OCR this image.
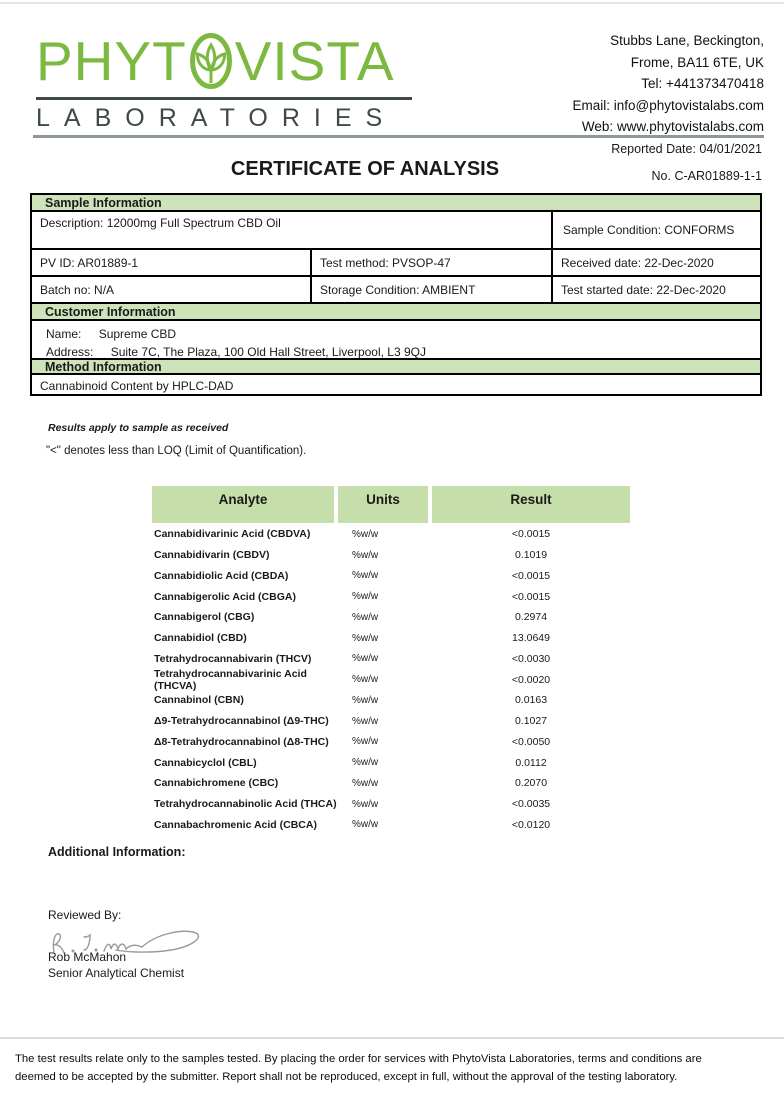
PHYT VISTA
LABORATORIES
Stubbs Lane, Beckington,
Frome, BA11 6TE, UK
Tel: +441373470418
Email: info@phytovistalabs.com
Web: www.phytovistalabs.com
Reported Date: 04/01/2021
CERTIFICATE OF ANALYSIS	No. C-AR01889-1-1
Sample Information
Description: 12000mg Full Spectrum CBD Oil	Sample Condition: CONFORMS
PV ID: AR01889-1	Test method: PVSOP-47	Received date: 22-Dec-2020
Batch no: N/A	Storage Condition: AMBIENT	Test started date: 22-Dec-2020
Customer Information
Name: Supreme CBD
Address: Suite 7C, The Plaza, 100 Old Hall Street, Liverpool, L3 9QJ
Method Information
Cannabinoid Content by HPLC-DAD
Results apply to sample as received
"<" denotes less than LOQ (Limit of Quantification).
Analyte	Units	Result
Cannabidivarinic Acid (CBDVA)	%w/w	<0.0015
Cannabidivarin (CBDV)	%w/w	0.1019
Cannabidiolic Acid (CBDA)	%w/w	<0.0015
Cannabigerolic Acid (CBGA)	%w/w	<0.0015
Cannabigerol (CBG)	%w/w	0.2974
Cannabidiol (CBD)	%w/w	13.0649
Tetrahydrocannabivarin (THCV)	%w/w	<0.0030
Tetrahydrocannabivarinic Acid (THCVA)	%w/w	<0.0020
Cannabinol (CBN)	%w/w	0.0163
Δ9-Tetrahydrocannabinol (Δ9-THC)	%w/w	0.1027
Δ8-Tetrahydrocannabinol (Δ8-THC)	%w/w	<0.0050
Cannabicyclol (CBL)	%w/w	0.0112
Cannabichromene (CBC)	%w/w	0.2070
Tetrahydrocannabinolic Acid (THCA)	%w/w	<0.0035
Cannabachromenic Acid (CBCA)	%w/w	<0.0120
Additional Information:
Reviewed By:
Rob McMahon
Senior Analytical Chemist
The test results relate only to the samples tested. By placing the order for services with PhytoVista Laboratories, terms and conditions are
deemed to be accepted by the submitter. Report shall not be reproduced, except in full, without the approval of the testing laboratory.
